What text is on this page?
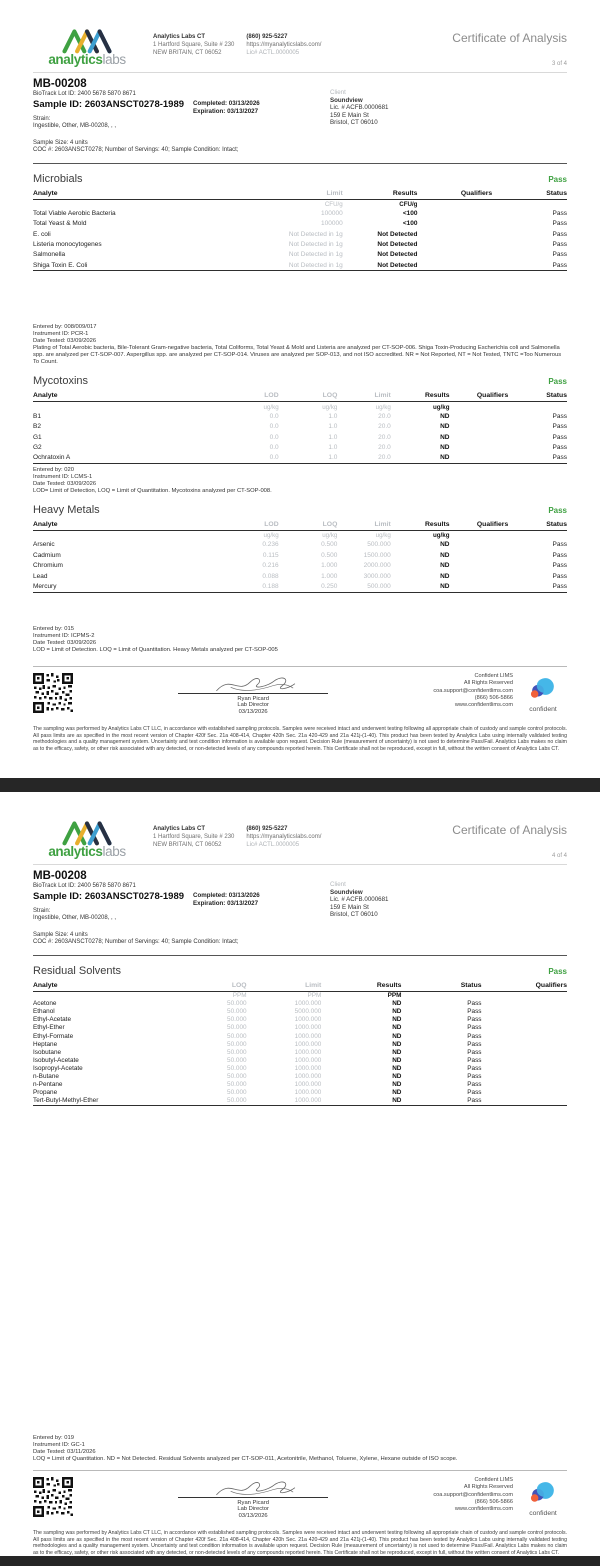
analyticslabs
Analytics Labs CT
1 Hartford Square, Suite # 230
NEW BRITAIN, CT 06052
(860) 925-5227
https://myanalyticslabs.com/
Lic# ACTL.0000005
Certificate of Analysis
3 of 4
MB-00208
BioTrack Lot ID: 2400 5678 5870 8671
Sample ID: 2603ANSCT0278-1989 Completed: 03/13/2026
Expiration: 03/13/2027
Strain:
Ingestible, Other, MB-00208, , ,
Client
Soundview
Lic. # ACFB.0000681
159 E Main St
Bristol, CT 06010
Sample Size: 4 units
COC #: 2603ANSCT0278; Number of Servings: 40; Sample Condition: Intact;
Microbials	Pass
Analyte	Limit	Results	Qualifiers	Status
	CFU/g	CFU/g		
Total Viable Aerobic Bacteria	100000	<100		Pass
Total Yeast & Mold	100000	<100		Pass
E. coli	Not Detected in 1g	Not Detected		Pass
Listeria monocytogenes	Not Detected in 1g	Not Detected		Pass
Salmonella	Not Detected in 1g	Not Detected		Pass
Shiga Toxin E. Coli	Not Detected in 1g	Not Detected		Pass
Entered by: 008/009/017
Instrument ID: PCR-1
Date Tested: 03/09/2026
Plating of Total Aerobic bacteria, Bile-Tolerant Gram-negative bacteria, Total Coliforms, Total Yeast & Mold and Listeria are analyzed per CT-SOP-006. Shiga Toxin-Producing Escherichia coli and Salmonella spp. are analyzed per CT-SOP-007. Aspergillus spp. are analyzed per CT-SOP-014. Viruses are analyzed per SOP-013, and not ISO accredited. NR = Not Reported, NT = Not Tested, TNTC =Too Numerous To Count.
Mycotoxins	Pass
Analyte	LOD	LOQ	Limit	Results	Qualifiers	Status
	ug/kg	ug/kg	ug/kg	ug/kg		
B1	0.0	1.0	20.0	ND		Pass
B2	0.0	1.0	20.0	ND		Pass
G1	0.0	1.0	20.0	ND		Pass
G2	0.0	1.0	20.0	ND		Pass
Ochratoxin A	0.0	1.0	20.0	ND		Pass
Entered by: 020
Instrument ID: LCMS-1
Date Tested: 03/09/2026
LOD= Limit of Detection, LOQ = Limit of Quantitation. Mycotoxins analyzed per CT-SOP-008.
Heavy Metals	Pass
Analyte	LOD	LOQ	Limit	Results	Qualifiers	Status
	ug/kg	ug/kg	ug/kg	ug/kg		
Arsenic	0.236	0.500	500.000	ND		Pass
Cadmium	0.115	0.500	1500.000	ND		Pass
Chromium	0.216	1.000	2000.000	ND		Pass
Lead	0.088	1.000	3000.000	ND		Pass
Mercury	0.188	0.250	500.000	ND		Pass
Entered by: 015
Instrument ID: ICPMS-2
Date Tested: 03/09/2026
LOD = Limit of Detection. LOQ = Limit of Quantitation. Heavy Metals analyzed per CT-SOP-005
Ryan Picard
Lab Director
03/13/2026
Confident LIMS
All Rights Reserved
coa.support@confidentlims.com
(866) 506-5866
www.confidentlims.com
confident
The sampling was performed by Analytics Labs CT LLC, in accordance with established sampling protocols. Samples were received intact and underwent testing following all appropriate chain of custody and sample control protocols. All pass limits are as specified in the most recent version of Chapter 420f Sec. 21a 408-414, Chapter 420h Sec. 21a 420-429 and 21a 421j-(1-40). This product has been tested by Analytics Labs using internally validated testing methodologies and a quality management system. Uncertainty and test condition information is available upon request. Decision Rule (measurement of uncertainty) is not used to determine Pass/Fail. Analytics Labs makes no claim as to the efficacy, safety, or other risk associated with any detected, or non-detected levels of any compounds reported herein. This Certificate shall not be reproduced, except in full, without the written consent of Analytics Labs CT.
analyticslabs
Analytics Labs CT
1 Hartford Square, Suite # 230
NEW BRITAIN, CT 06052
(860) 925-5227
https://myanalyticslabs.com/
Lic# ACTL.0000005
Certificate of Analysis
4 of 4
MB-00208
BioTrack Lot ID: 2400 5678 5870 8671
Sample ID: 2603ANSCT0278-1989 Completed: 03/13/2026
Expiration: 03/13/2027
Strain:
Ingestible, Other, MB-00208, , ,
Client
Soundview
Lic. # ACFB.0000681
159 E Main St
Bristol, CT 06010
Sample Size: 4 units
COC #: 2603ANSCT0278; Number of Servings: 40; Sample Condition: Intact;
Residual Solvents	Pass
Analyte	LOQ	Limit	Results	Status	Qualifiers
	PPM	PPM	PPM		
Acetone	50.000	1000.000	ND	Pass	
Ethanol	50.000	5000.000	ND	Pass	
Ethyl-Acetate	50.000	1000.000	ND	Pass	
Ethyl-Ether	50.000	1000.000	ND	Pass	
Ethyl-Formate	50.000	1000.000	ND	Pass	
Heptane	50.000	1000.000	ND	Pass	
Isobutane	50.000	1000.000	ND	Pass	
Isobutyl-Acetate	50.000	1000.000	ND	Pass	
Isopropyl-Acetate	50.000	1000.000	ND	Pass	
n-Butane	50.000	1000.000	ND	Pass	
n-Pentane	50.000	1000.000	ND	Pass	
Propane	50.000	1000.000	ND	Pass	
Tert-Butyl-Methyl-Ether	50.000	1000.000	ND	Pass	
Entered by: 019
Instrument ID: GC-1
Date Tested: 03/11/2026
LOQ = Limit of Quantitation. ND = Not Detected. Residual Solvents analyzed per CT-SOP-011, Acetonitrile, Methanol, Toluene, Xylene, Hexane outside of ISO scope.
Ryan Picard
Lab Director
03/13/2026
Confident LIMS
All Rights Reserved
coa.support@confidentlims.com
(866) 506-5866
www.confidentlims.com
confident
The sampling was performed by Analytics Labs CT LLC, in accordance with established sampling protocols. Samples were received intact and underwent testing following all appropriate chain of custody and sample control protocols. All pass limits are as specified in the most recent version of Chapter 420f Sec. 21a 408-414, Chapter 420h Sec. 21a 420-429 and 21a 421j-(1-40). This product has been tested by Analytics Labs using internally validated testing methodologies and a quality management system. Uncertainty and test condition information is available upon request. Decision Rule (measurement of uncertainty) is not used to determine Pass/Fail. Analytics Labs makes no claim as to the efficacy, safety, or other risk associated with any detected, or non-detected levels of any compounds reported herein. This Certificate shall not be reproduced, except in full, without the written consent of Analytics Labs CT.
